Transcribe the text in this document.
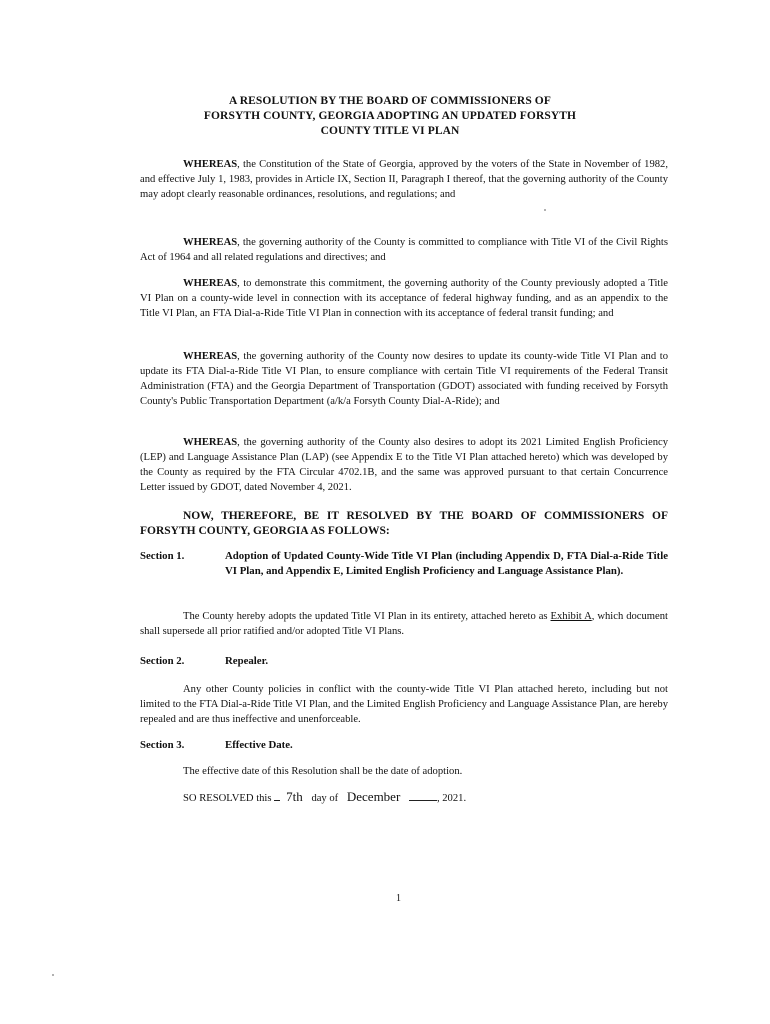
A RESOLUTION BY THE BOARD OF COMMISSIONERS OF
FORSYTH COUNTY, GEORGIA ADOPTING AN UPDATED FORSYTH
COUNTY TITLE VI PLAN
WHEREAS, the Constitution of the State of Georgia, approved by the voters of the State in November of 1982, and effective July 1, 1983, provides in Article IX, Section II, Paragraph I thereof, that the governing authority of the County may adopt clearly reasonable ordinances, resolutions, and regulations; and
WHEREAS, the governing authority of the County is committed to compliance with Title VI of the Civil Rights Act of 1964 and all related regulations and directives; and
WHEREAS, to demonstrate this commitment, the governing authority of the County previously adopted a Title VI Plan on a county-wide level in connection with its acceptance of federal highway funding, and as an appendix to the Title VI Plan, an FTA Dial-a-Ride Title VI Plan in connection with its acceptance of federal transit funding; and
WHEREAS, the governing authority of the County now desires to update its county-wide Title VI Plan and to update its FTA Dial-a-Ride Title VI Plan, to ensure compliance with certain Title VI requirements of the Federal Transit Administration (FTA) and the Georgia Department of Transportation (GDOT) associated with funding received by Forsyth County's Public Transportation Department (a/k/a Forsyth County Dial-A-Ride); and
WHEREAS, the governing authority of the County also desires to adopt its 2021 Limited English Proficiency (LEP) and Language Assistance Plan (LAP) (see Appendix E to the Title VI Plan attached hereto) which was developed by the County as required by the FTA Circular 4702.1B, and the same was approved pursuant to that certain Concurrence Letter issued by GDOT, dated November 4, 2021.
NOW, THEREFORE, BE IT RESOLVED BY THE BOARD OF COMMISSIONERS OF FORSYTH COUNTY, GEORGIA AS FOLLOWS:
Section 1.	Adoption of Updated County-Wide Title VI Plan (including Appendix D, FTA Dial-a-Ride Title VI Plan, and Appendix E, Limited English Proficiency and Language Assistance Plan).
The County hereby adopts the updated Title VI Plan in its entirety, attached hereto as Exhibit A, which document shall supersede all prior ratified and/or adopted Title VI Plans.
Section 2.	Repealer.
Any other County policies in conflict with the county-wide Title VI Plan attached hereto, including but not limited to the FTA Dial-a-Ride Title VI Plan, and the Limited English Proficiency and Language Assistance Plan, are hereby repealed and are thus ineffective and unenforceable.
Section 3.	Effective Date.
The effective date of this Resolution shall be the date of adoption.
SO RESOLVED this 7th day of December	, 2021.
1
